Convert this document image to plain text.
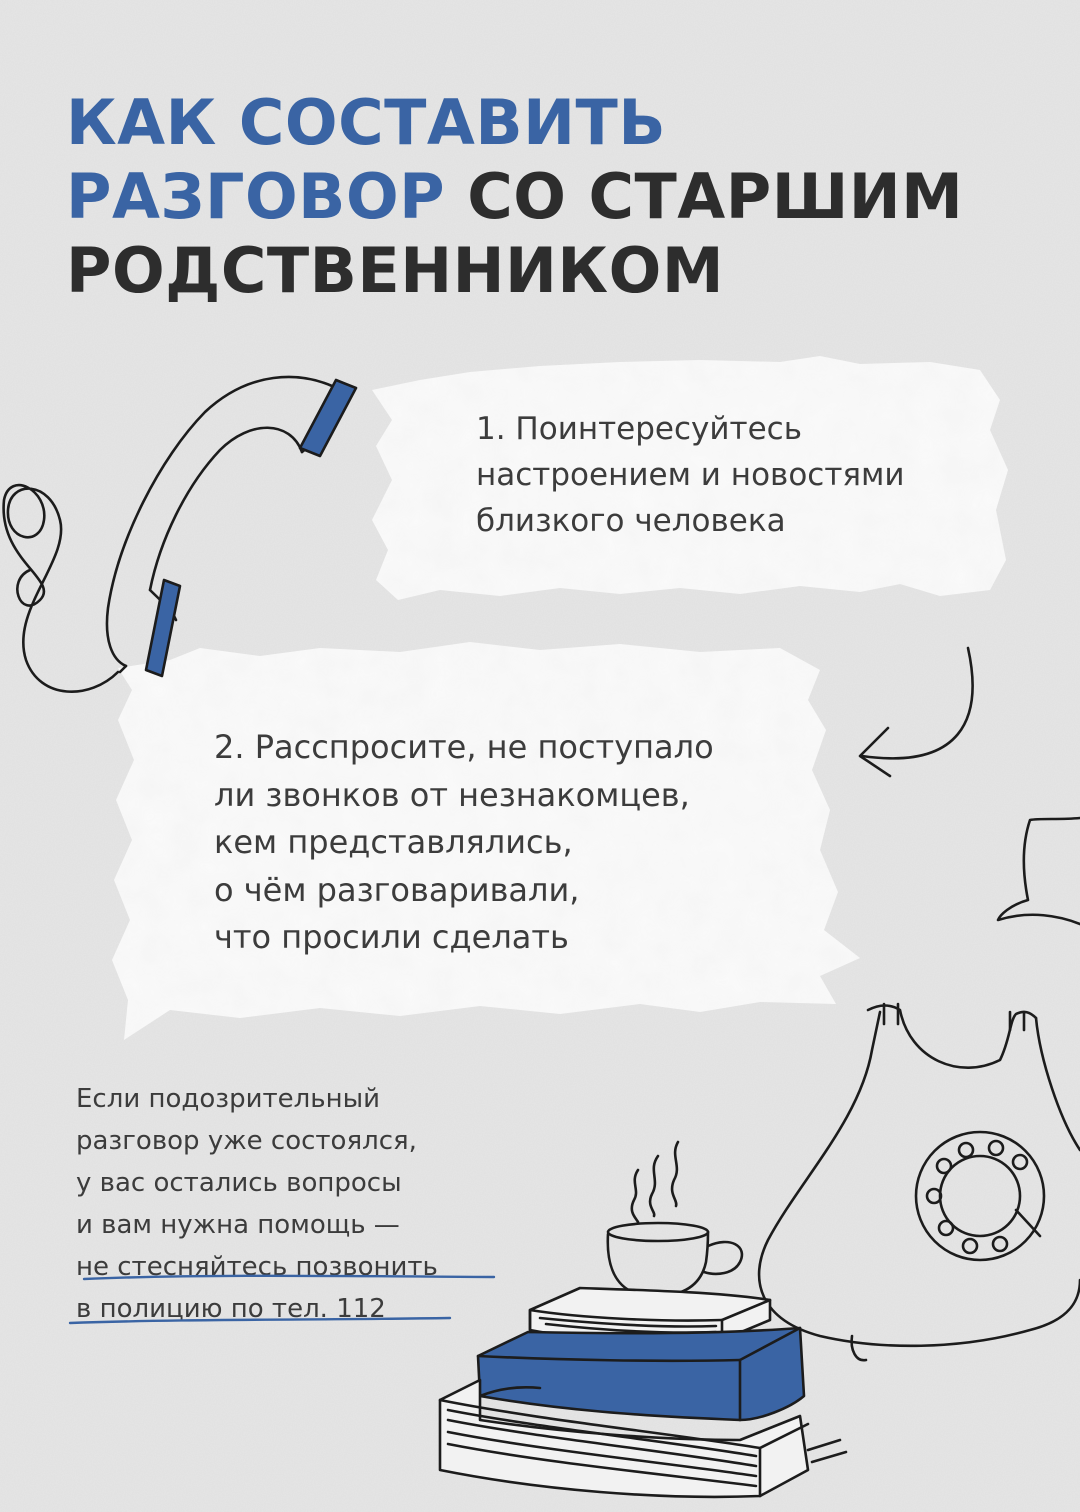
КАК СОСТАВИТЬ
РАЗГОВОР СО СТАРШИМ
РОДСТВЕННИКОМ
1. Поинтересуйтесь
настроением и новостями
близкого человека
2. Расспросите, не поступало
ли звонков от незнакомцев,
кем представлялись,
о чём разговаривали,
что просили сделать
Если подозрительный
разговор уже состоялся,
у вас остались вопросы
и вам нужна помощь —
не стесняйтесь позвонить
в полицию по тел. 112
